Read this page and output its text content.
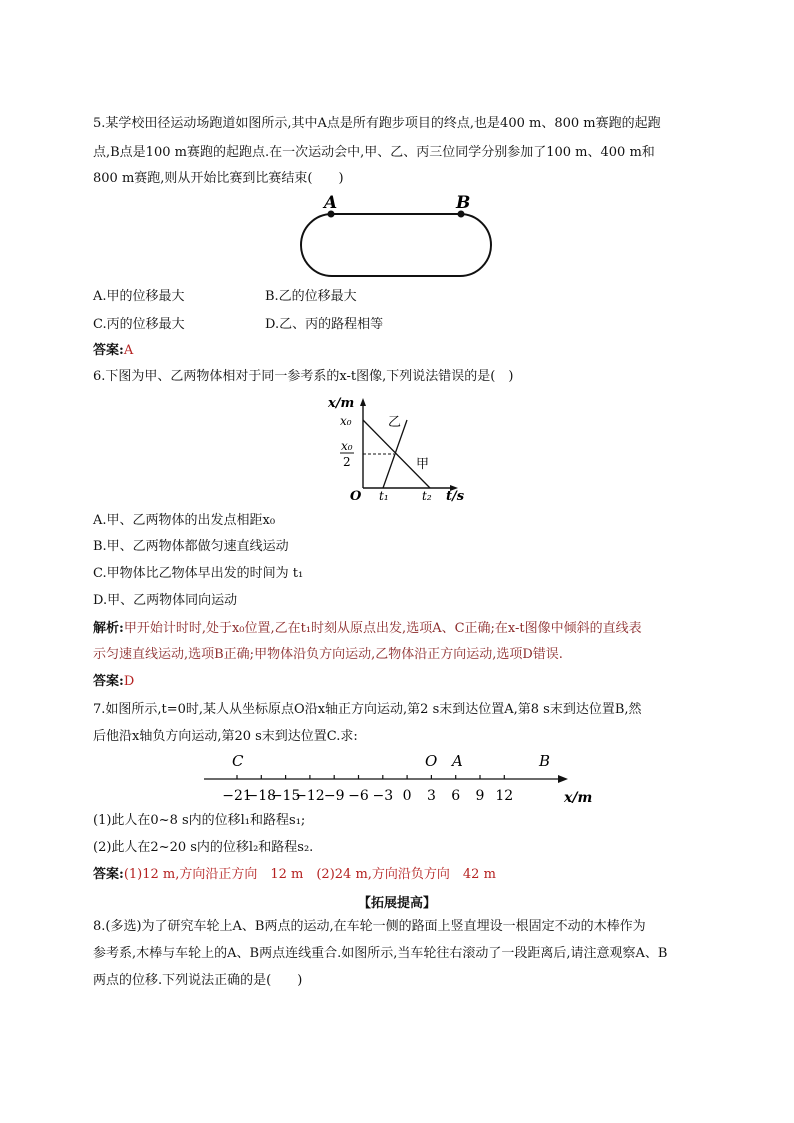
5.某学校田径运动场跑道如图所示,其中A点是所有跑步项目的终点,也是400 m、800 m赛跑的起跑
点,B点是100 m赛跑的起跑点.在一次运动会中,甲、乙、丙三位同学分别参加了100 m、400 m和
800 m赛跑,则从开始比赛到比赛结束(　　)
A	B
A.甲的位移最大	B.乙的位移最大
C.丙的位移最大	D.乙、丙的路程相等
答案:A
6.下图为甲、乙两物体相对于同一参考系的x-t图像,下列说法错误的是(　)
x/m
x₀
x₀
2
O t₁	t₂ t/s
乙
甲
A.甲、乙两物体的出发点相距x₀
B.甲、乙两物体都做匀速直线运动
C.甲物体比乙物体早出发的时间为 t₁
D.甲、乙两物体同向运动
解析:甲开始计时时,处于x₀位置,乙在t₁时刻从原点出发,选项A、C正确;在x-t图像中倾斜的直线表
示匀速直线运动,选项B正确;甲物体沿负方向运动,乙物体沿正方向运动,选项D错误.
答案:D
7.如图所示,t=0时,某人从坐标原点O沿x轴正方向运动,第2 s末到达位置A,第8 s末到达位置B,然
后他沿x轴负方向运动,第20 s末到达位置C.求:
−21
−18
−15
−12 −9 −6 −3 0 3 6 9 12
C	O A	B
x/m
(1)此人在0~8 s内的位移l₁和路程s₁;
(2)此人在2~20 s内的位移l₂和路程s₂.
答案:(1)12 m,方向沿正方向　12 m　(2)24 m,方向沿负方向　42 m
【拓展提高】
8.(多选)为了研究车轮上A、B两点的运动,在车轮一侧的路面上竖直埋设一根固定不动的木棒作为
参考系,木棒与车轮上的A、B两点连线重合.如图所示,当车轮往右滚动了一段距离后,请注意观察A、B
两点的位移.下列说法正确的是(　　)
